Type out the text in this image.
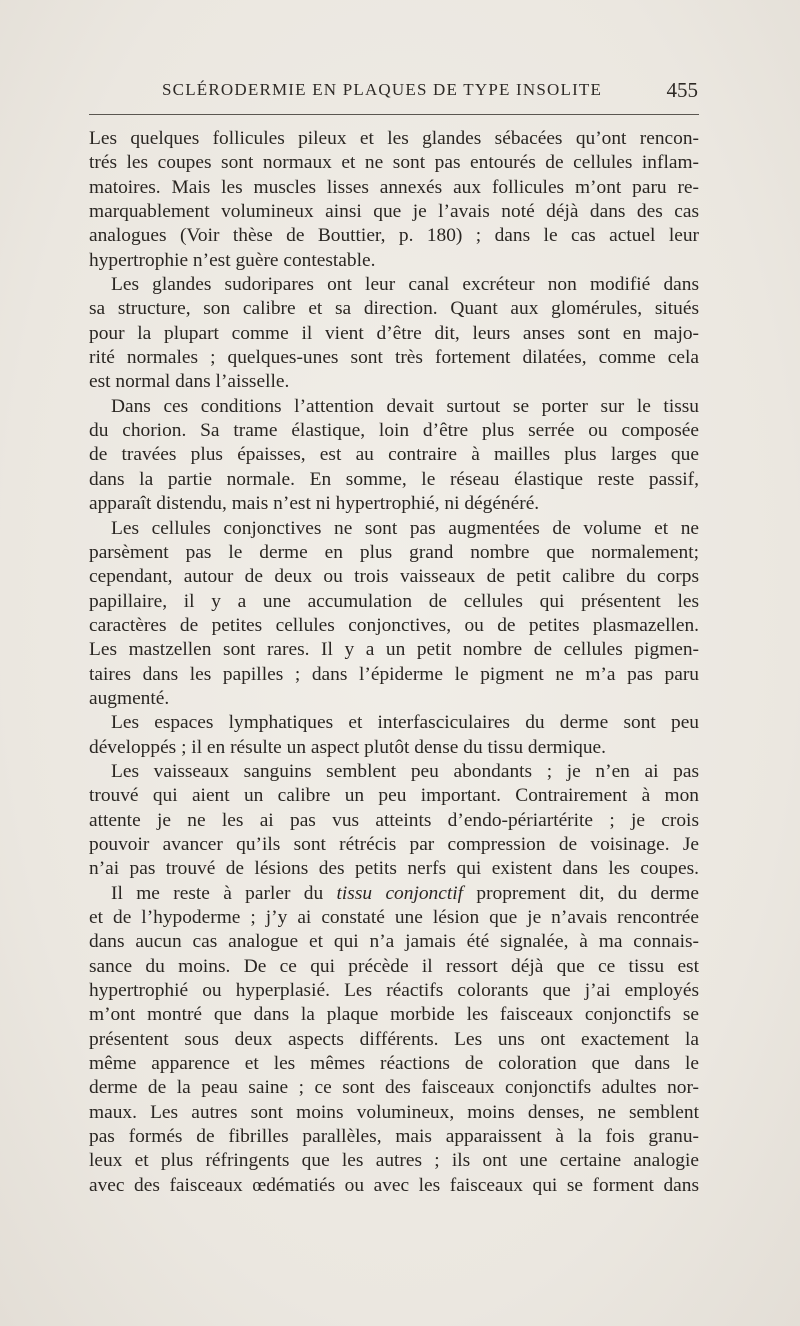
SCLÉRODERMIE EN PLAQUES DE TYPE INSOLITE	455
Les quelques follicules pileux et les glandes sébacées qu’ont rencon-
trés les coupes sont normaux et ne sont pas entourés de cellules inflam-
matoires. Mais les muscles lisses annexés aux follicules m’ont paru re-
marquablement volumineux ainsi que je l’avais noté déjà dans des cas
analogues (Voir thèse de Bouttier, p. 180) ; dans le cas actuel leur
hypertrophie n’est guère contestable.
Les glandes sudoripares ont leur canal excréteur non modifié dans
sa structure, son calibre et sa direction. Quant aux glomérules, situés
pour la plupart comme il vient d’être dit, leurs anses sont en majo-
rité normales ; quelques-unes sont très fortement dilatées, comme cela
est normal dans l’aisselle.
Dans ces conditions l’attention devait surtout se porter sur le tissu
du chorion. Sa trame élastique, loin d’être plus serrée ou composée
de travées plus épaisses, est au contraire à mailles plus larges que
dans la partie normale. En somme, le réseau élastique reste passif,
apparaît distendu, mais n’est ni hypertrophié, ni dégénéré.
Les cellules conjonctives ne sont pas augmentées de volume et ne
parsèment pas le derme en plus grand nombre que normalement;
cependant, autour de deux ou trois vaisseaux de petit calibre du corps
papillaire, il y a une accumulation de cellules qui présentent les
caractères de petites cellules conjonctives, ou de petites plasmazellen.
Les mastzellen sont rares. Il y a un petit nombre de cellules pigmen-
taires dans les papilles ; dans l’épiderme le pigment ne m’a pas paru
augmenté.
Les espaces lymphatiques et interfasciculaires du derme sont peu
développés ; il en résulte un aspect plutôt dense du tissu dermique.
Les vaisseaux sanguins semblent peu abondants ; je n’en ai pas
trouvé qui aient un calibre un peu important. Contrairement à mon
attente je ne les ai pas vus atteints d’endo-périartérite ; je crois
pouvoir avancer qu’ils sont rétrécis par compression de voisinage. Je
n’ai pas trouvé de lésions des petits nerfs qui existent dans les coupes.
Il me reste à parler du tissu conjonctif proprement dit, du derme
et de l’hypoderme ; j’y ai constaté une lésion que je n’avais rencontrée
dans aucun cas analogue et qui n’a jamais été signalée, à ma connais-
sance du moins. De ce qui précède il ressort déjà que ce tissu est
hypertrophié ou hyperplasié. Les réactifs colorants que j’ai employés
m’ont montré que dans la plaque morbide les faisceaux conjonctifs se
présentent sous deux aspects différents. Les uns ont exactement la
même apparence et les mêmes réactions de coloration que dans le
derme de la peau saine ; ce sont des faisceaux conjonctifs adultes nor-
maux. Les autres sont moins volumineux, moins denses, ne semblent
pas formés de fibrilles parallèles, mais apparaissent à la fois granu-
leux et plus réfringents que les autres ; ils ont une certaine analogie
avec des faisceaux œdématiés ou avec les faisceaux qui se forment dans
